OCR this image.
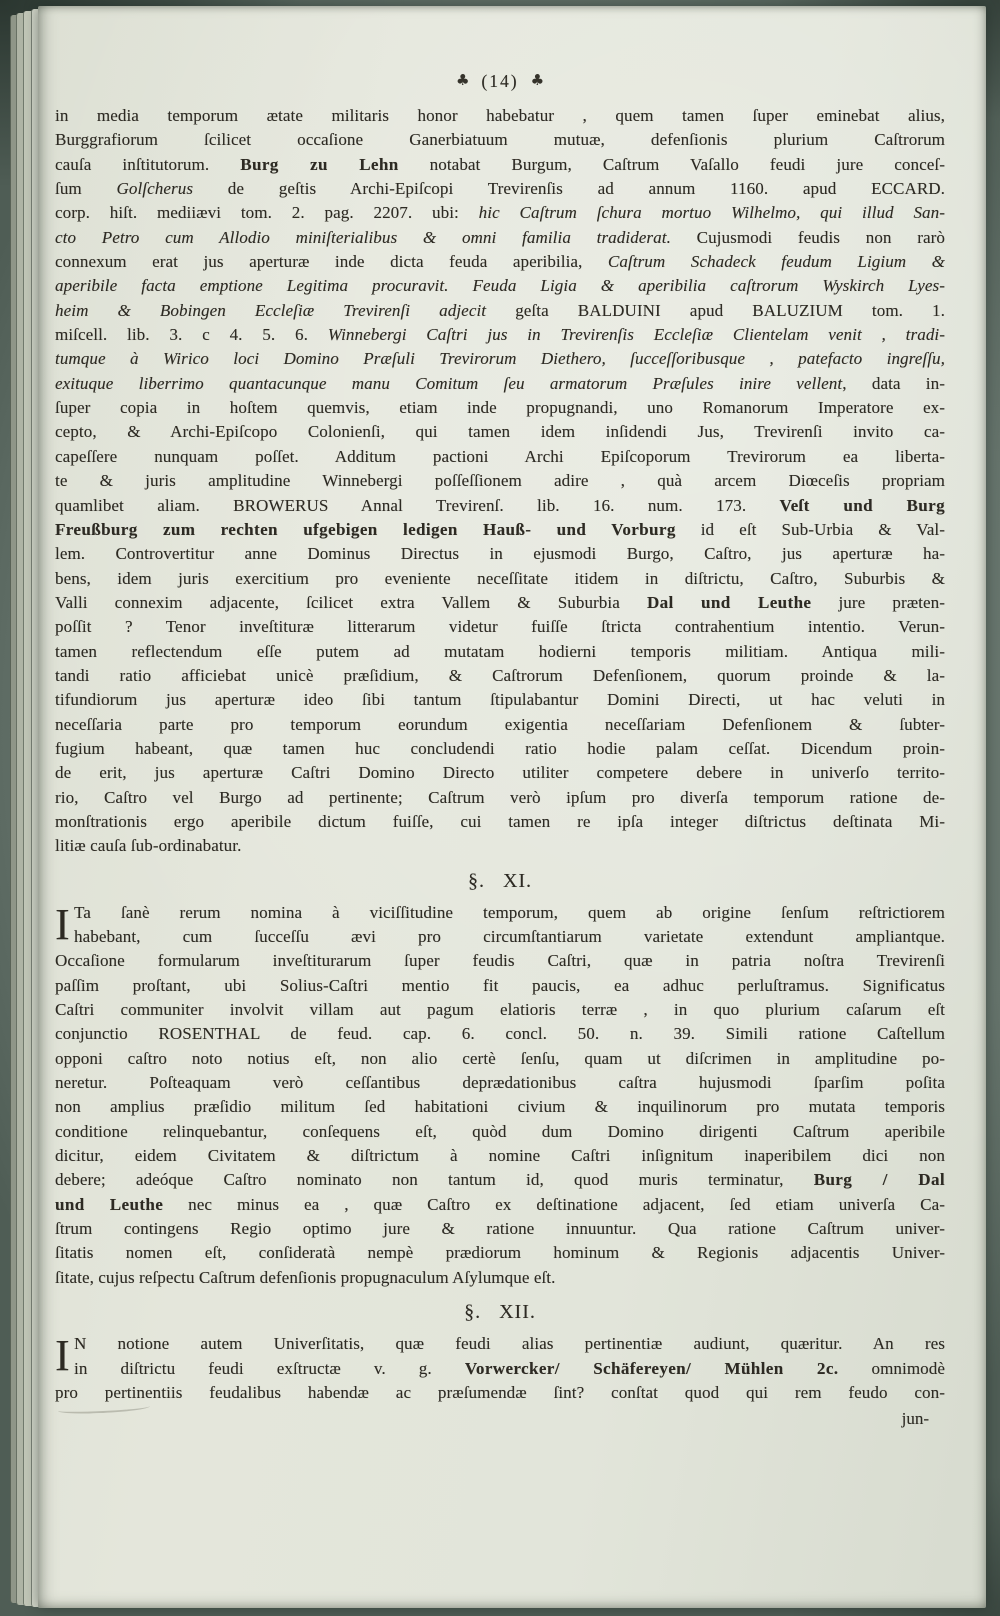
♣ (14) ♣
in media temporum ætate militaris honor habebatur , quem tamen ſuper eminebat alius,
Burggrafiorum ſcilicet occaſione Ganerbiatuum mutuæ, defenſionis plurium Caſtrorum
cauſa inſtitutorum. Burg zu Lehn notabat Burgum, Caſtrum Vaſallo feudi jure conceſ-
ſum Golſcherus de geſtis Archi-Epiſcopi Trevirenſis ad annum 1160. apud ECCARD.
corp. hiſt. mediiævi tom. 2. pag. 2207. ubi: hic Caſtrum ſchura mortuo Wilhelmo, qui illud San-
cto Petro cum Allodio miniſterialibus & omni familia tradiderat. Cujusmodi feudis non rarò
connexum erat jus aperturæ inde dicta feuda aperibilia, Caſtrum Schadeck feudum Ligium &
aperibile facta emptione Legitima procuravit. Feuda Ligia & aperibilia caſtrorum Wyskirch Lyes-
heim & Bobingen Eccleſiæ Trevirenſi adjecit geſta BALDUINI apud BALUZIUM tom. 1.
miſcell. lib. 3. c 4. 5. 6. Winnebergi Caſtri jus in Trevirenſis Eccleſiæ Clientelam venit , tradi-
tumque à Wirico loci Domino Præſuli Trevirorum Diethero, ſucceſſoribusque , patefacto ingreſſu,
exituque liberrimo quantacunque manu Comitum ſeu armatorum Præſules inire vellent, data in-
ſuper copia in hoſtem quemvis, etiam inde propugnandi, uno Romanorum Imperatore ex-
cepto, & Archi-Epiſcopo Colonienſi, qui tamen idem inſidendi Jus, Trevirenſi invito ca-
capeſſere nunquam poſſet. Additum pactioni Archi Epiſcoporum Trevirorum ea liberta-
te & juris amplitudine Winnebergi poſſeſſionem adire , quà arcem Diœceſis propriam
quamlibet aliam. BROWERUS Annal Trevirenſ. lib. 16. num. 173. Veſt und Burg
Freußburg zum rechten ufgebigen ledigen Hauß- und Vorburg id eſt Sub-Urbia & Val-
lem. Controvertitur anne Dominus Directus in ejusmodi Burgo, Caſtro, jus aperturæ ha-
bens, idem juris exercitium pro eveniente neceſſitate itidem in diſtrictu, Caſtro, Suburbis &
Valli connexim adjacente, ſcilicet extra Vallem & Suburbia Dal und Leuthe jure præten-
poſſit ? Tenor inveſtituræ litterarum videtur fuiſſe ſtricta contrahentium intentio. Verun-
tamen reflectendum eſſe putem ad mutatam hodierni temporis militiam. Antiqua mili-
tandi ratio afficiebat unicè præſidium, & Caſtrorum Defenſionem, quorum proinde & la-
tifundiorum jus aperturæ ideo ſibi tantum ſtipulabantur Domini Directi, ut hac veluti in
neceſſaria parte pro temporum eorundum exigentia neceſſariam Defenſionem & ſubter-
fugium habeant, quæ tamen huc concludendi ratio hodie palam ceſſat. Dicendum proin-
de erit, jus aperturæ Caſtri Domino Directo utiliter competere debere in univerſo territo-
rio, Caſtro vel Burgo ad pertinente; Caſtrum verò ipſum pro diverſa temporum ratione de-
monſtrationis ergo aperibile dictum fuiſſe, cui tamen re ipſa integer diſtrictus deſtinata Mi-
litiæ cauſa ſub-ordinabatur.
§. XI.
I Ta ſanè rerum nomina à viciſſitudine temporum, quem ab origine ſenſum reſtrictiorem
habebant, cum ſucceſſu ævi pro circumſtantiarum varietate extendunt ampliantque.
Occaſione formularum inveſtiturarum ſuper feudis Caſtri, quæ in patria noſtra Trevirenſi
paſſim proſtant, ubi Solius-Caſtri mentio fit paucis, ea adhuc perluſtramus. Significatus
Caſtri communiter involvit villam aut pagum elatioris terræ , in quo plurium caſarum eſt
conjunctio ROSENTHAL de feud. cap. 6. concl. 50. n. 39. Simili ratione Caſtellum
opponi caſtro noto notius eſt, non alio certè ſenſu, quam ut diſcrimen in amplitudine po-
neretur. Poſteaquam verò ceſſantibus deprædationibus caſtra hujusmodi ſparſim poſita
non amplius præſidio militum ſed habitationi civium & inquilinorum pro mutata temporis
conditione relinquebantur, conſequens eſt, quòd dum Domino dirigenti Caſtrum aperibile
dicitur, eidem Civitatem & diſtrictum à nomine Caſtri inſignitum inaperibilem dici non
debere; adeóque Caſtro nominato non tantum id, quod muris terminatur, Burg / Dal
und Leuthe nec minus ea , quæ Caſtro ex deſtinatione adjacent, ſed etiam univerſa Ca-
ſtrum contingens Regio optimo jure & ratione innuuntur. Qua ratione Caſtrum univer-
ſitatis nomen eſt, conſideratà nempè prædiorum hominum & Regionis adjacentis Univer-
ſitate, cujus reſpectu Caſtrum defenſionis propugnaculum Aſylumque eſt.
§. XII.
I N notione autem Univerſitatis, quæ feudi alias pertinentiæ audiunt, quæritur. An res
in diſtrictu feudi exſtructæ v. g. Vorwercker/ Schäfereyen/ Mühlen 2c. omnimodè
pro pertinentiis feudalibus habendæ ac præſumendæ ſint? conſtat quod qui rem feudo con-
jun-
